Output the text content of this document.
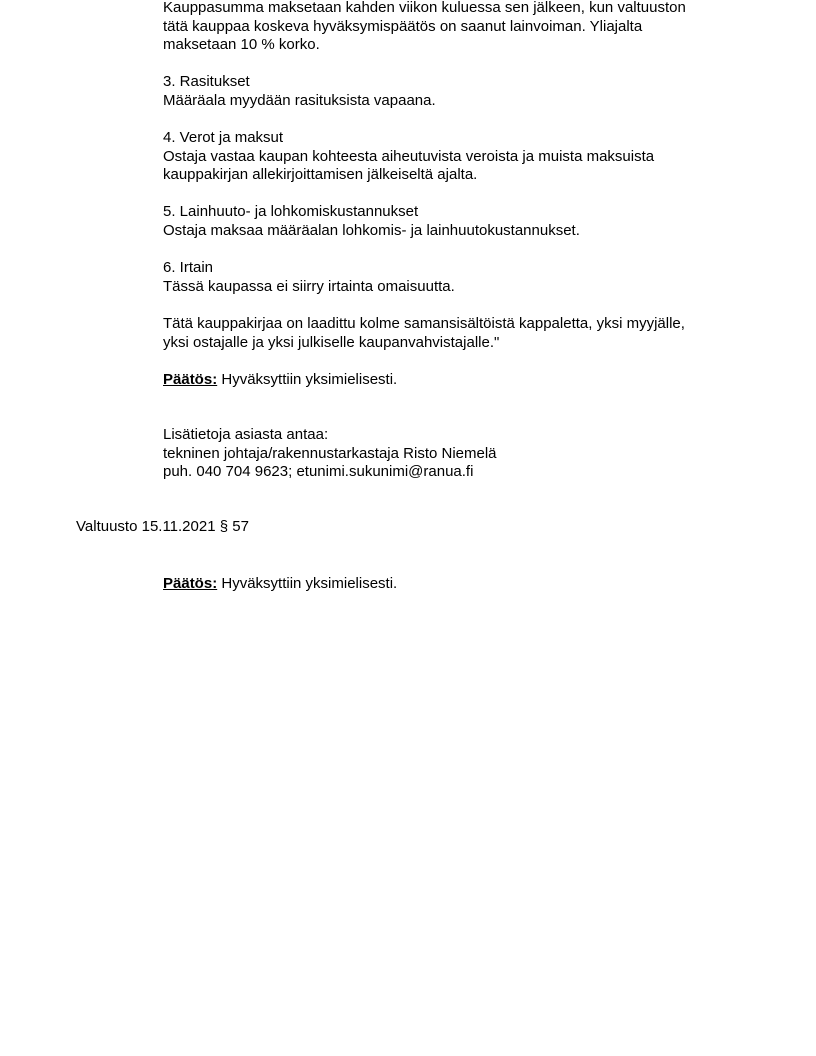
Kauppasumma maksetaan kahden viikon kuluessa sen jälkeen, kun valtuuston
tätä kauppaa koskeva hyväksymispäätös on saanut lainvoiman. Yliajalta
maksetaan 10 % korko.

3. Rasitukset

Määräala myydään rasituksista vapaana.

4. Verot ja maksut

Ostaja vastaa kaupan kohteesta aiheutuvista veroista ja muista maksuista
kauppakirjan allekirjoittamisen jälkeiseltä ajalta.

5. Lainhuuto- ja lohkomiskustannukset

Ostaja maksaa määräalan lohkomis- ja lainhuutokustannukset.

6. Irtain

Tässä kaupassa ei siirry irtainta omaisuutta.

Tätä kauppakirjaa on laadittu kolme samansisältöistä kappaletta, yksi myyjälle,
yksi ostajalle ja yksi julkiselle kaupanvahvistajalle."

Päätös: Hyväksyttiin yksimielisesti.

Lisätietoja asiasta antaa:

tekninen johtaja/rakennustarkastaja Risto Niemelä

puh. 040 704 9623; etunimi.sukunimi@ranua.fi

Valtuusto 15.11.2021 § 57

Päätös: Hyväksyttiin yksimielisesti.
